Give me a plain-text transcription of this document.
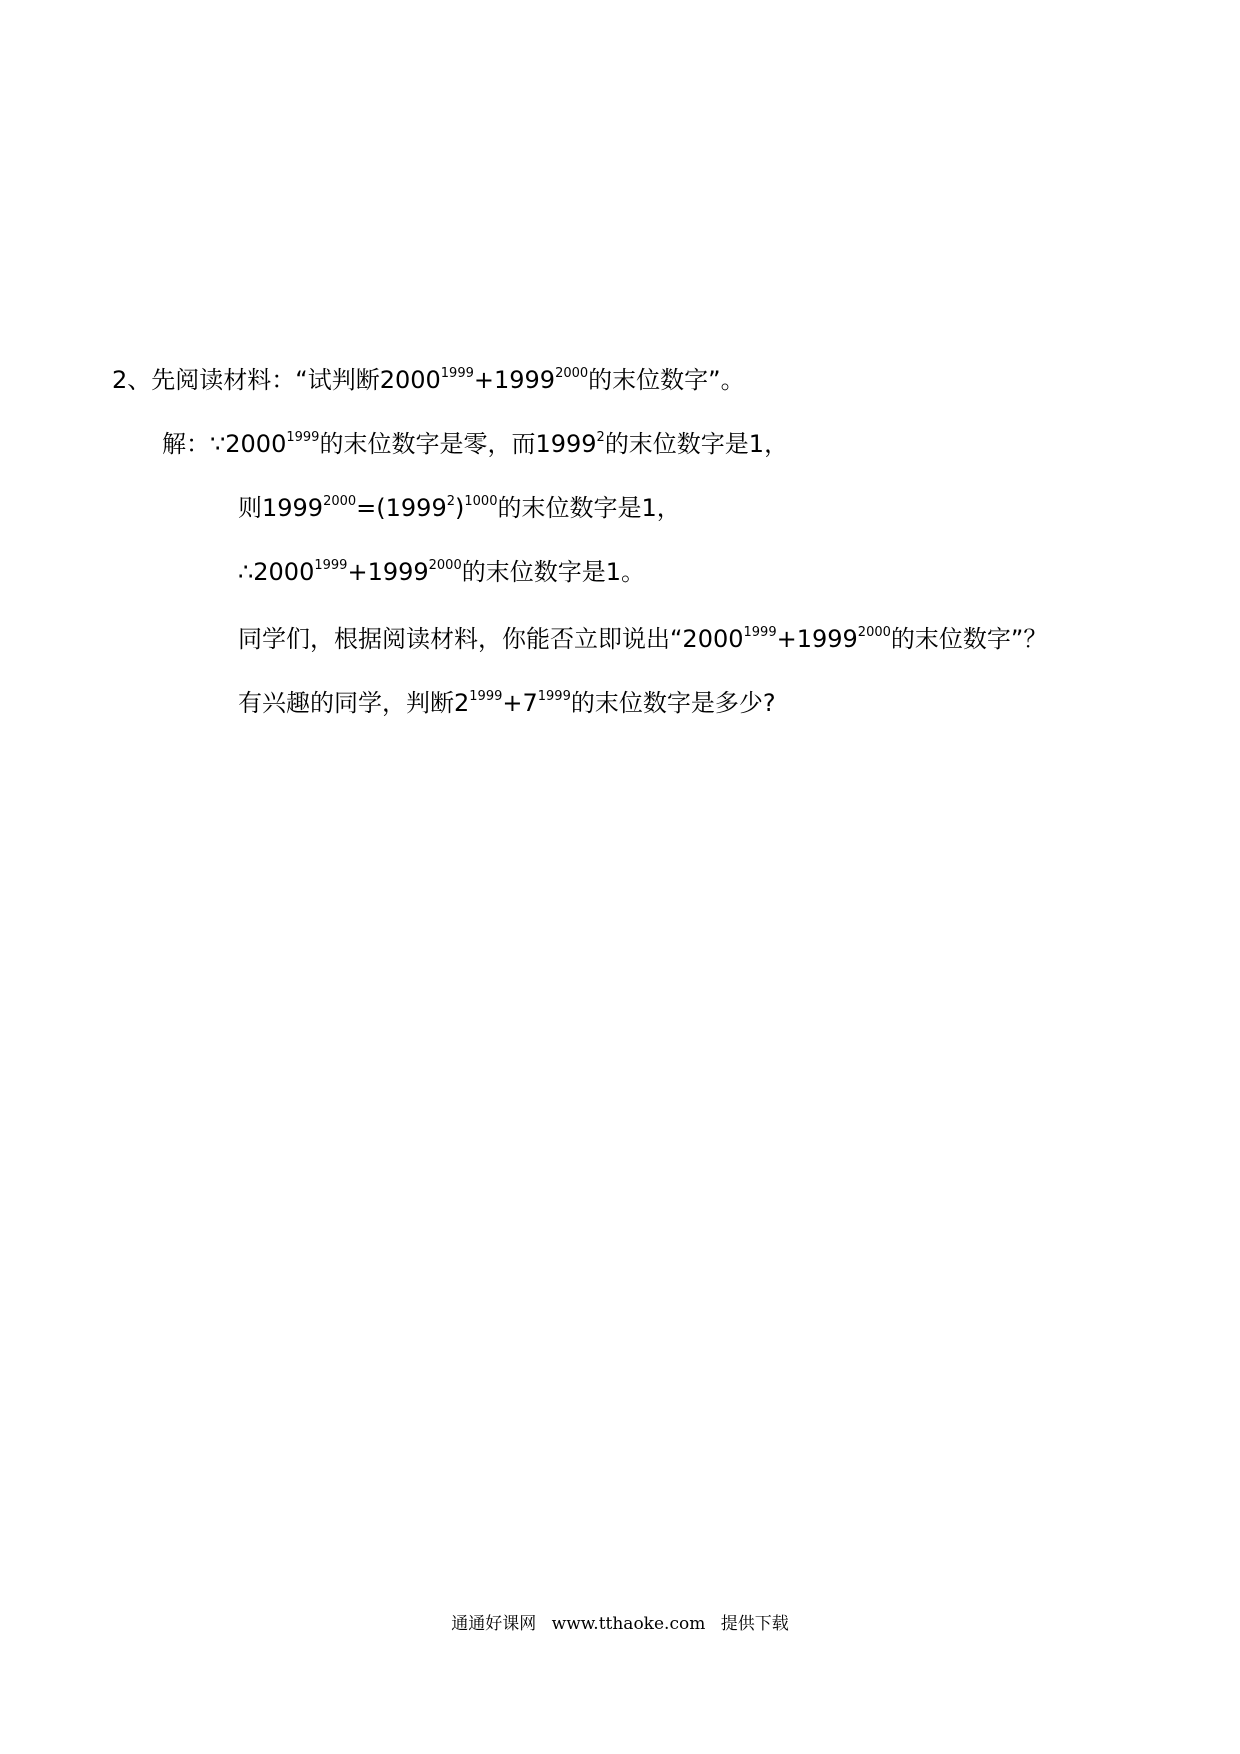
2、先阅读材料：“试判断$2000^{1999}+1999^{2000}$的末位数字”。
解：$\because 2000^{1999}$的末位数字是零，而1999$^2$的末位数字是1，
则$1999^{2000}=(1999^2)^{1000}$的末位数字是1，
$\therefore 2000^{1999}+1999^{2000}$的末位数字是1。
同学们，根据阅读材料，你能否立即说出“$2000^{1999}+1999^{2000}$的末位数字”？
有兴趣的同学，判断$2^{1999}+7^{1999}$的末位数字是多少?
通通好课网 www.tthaoke.com 提供下载
